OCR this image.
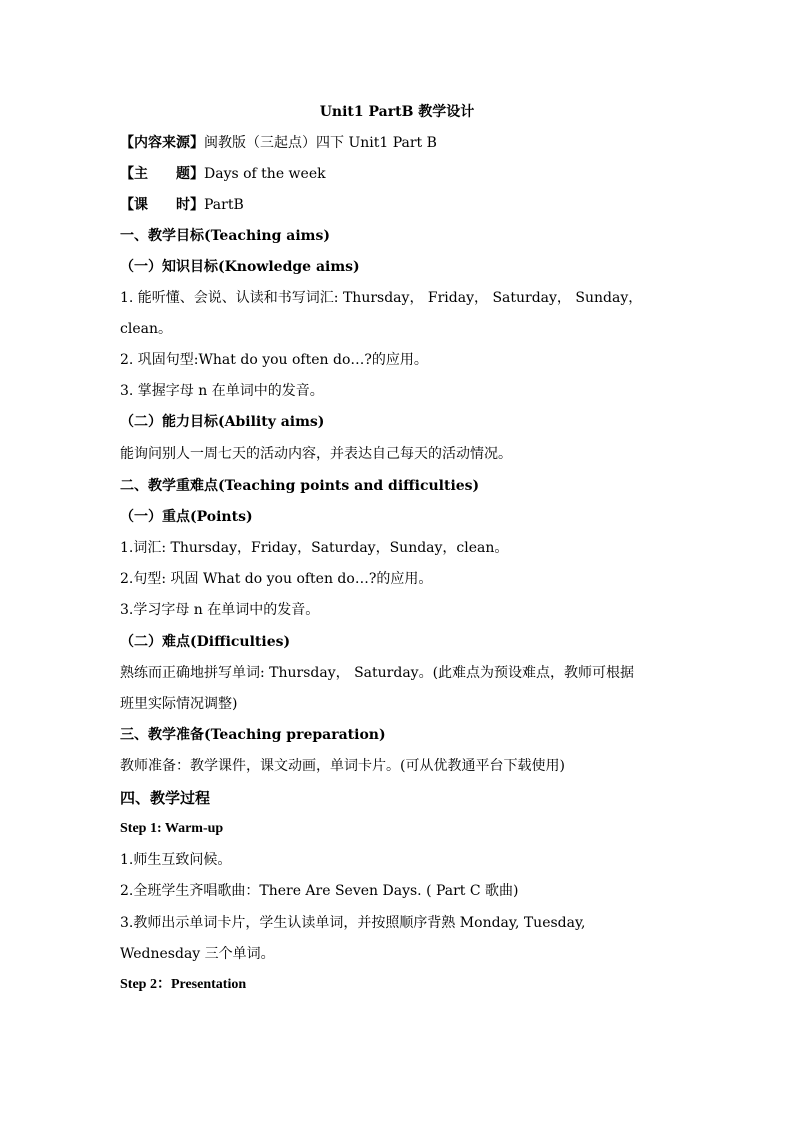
Unit1 PartB 教学设计
【内容来源】闽教版（三起点）四下 Unit1 Part B
【主　　题】Days of the week
【课　　时】PartB
一、教学目标(Teaching aims)
（一）知识目标(Knowledge aims)
1. 能听懂、会说、认读和书写词汇: Thursday， Friday， Saturday， Sunday，
clean。
2. 巩固句型:What do you often do…?的应用。
3. 掌握字母 n 在单词中的发音。
（二）能力目标(Ability aims)
能询问别人一周七天的活动内容，并表达自己每天的活动情况。
二、教学重难点(Teaching points and difficulties)
（一）重点(Points)
1.词汇: Thursday，Friday，Saturday，Sunday，clean。
2.句型: 巩固 What do you often do…?的应用。
3.学习字母 n 在单词中的发音。
（二）难点(Difficulties)
熟练而正确地拼写单词: Thursday， Saturday。(此难点为预设难点，教师可根据
班里实际情况调整)
三、教学准备(Teaching preparation)
教师准备：教学课件，课文动画，单词卡片。(可从优教通平台下载使用)
四、教学过程
Step 1: Warm-up
1.师生互致问候。
2.全班学生齐唱歌曲：There Are Seven Days. ( Part C 歌曲)
3.教师出示单词卡片，学生认读单词，并按照顺序背熟 Monday, Tuesday,
Wednesday 三个单词。
Step 2：Presentation
